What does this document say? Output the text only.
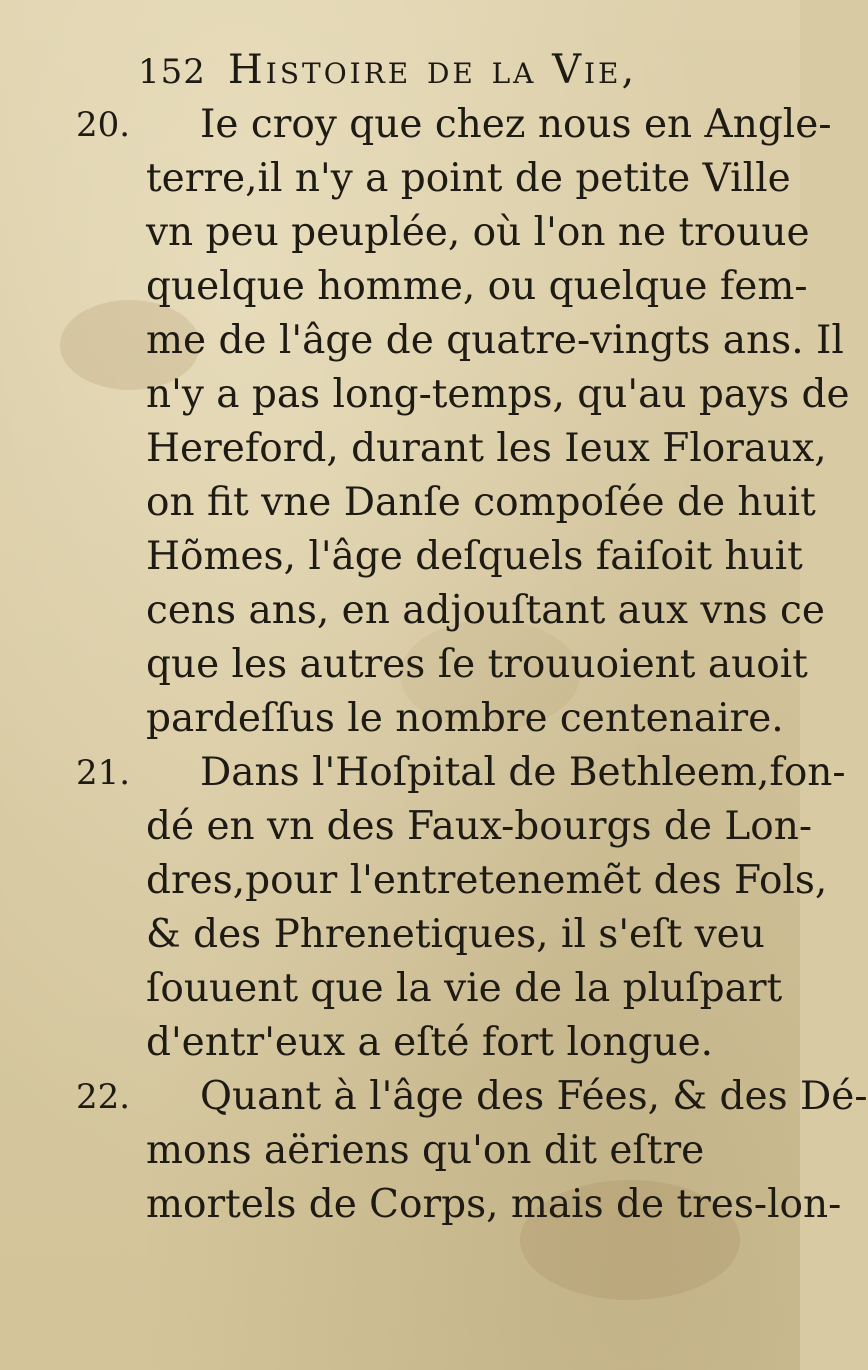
152 Histoire de la Vie,
20. Ie croy que chez nous en Angle-
terre,il n'y a point de petite Ville
vn peu peuplée, où l'on ne trouue
quelque homme, ou quelque fem-
me de l'âge de quatre-vingts ans. Il
n'y a pas long-temps, qu'au pays de
Hereford, durant les Ieux Floraux,
on fit vne Danſe compoſée de huit
Hõmes, l'âge deſquels faiſoit huit
cens ans, en adjouſtant aux vns ce
que les autres ſe trouuoient auoit
pardeſſus le nombre centenaire.
21. Dans l'Hoſpital de Bethleem,fon-
dé en vn des Faux-bourgs de Lon-
dres,pour l'entretenemẽt des Fols,
& des Phrenetiques, il s'eſt veu
ſouuent que la vie de la pluſpart
d'entr'eux a eſté fort longue.
22. Quant à l'âge des Fées, & des Dé-
mons aëriens qu'on dit eſtre
mortels de Corps, mais de tres-lon-
